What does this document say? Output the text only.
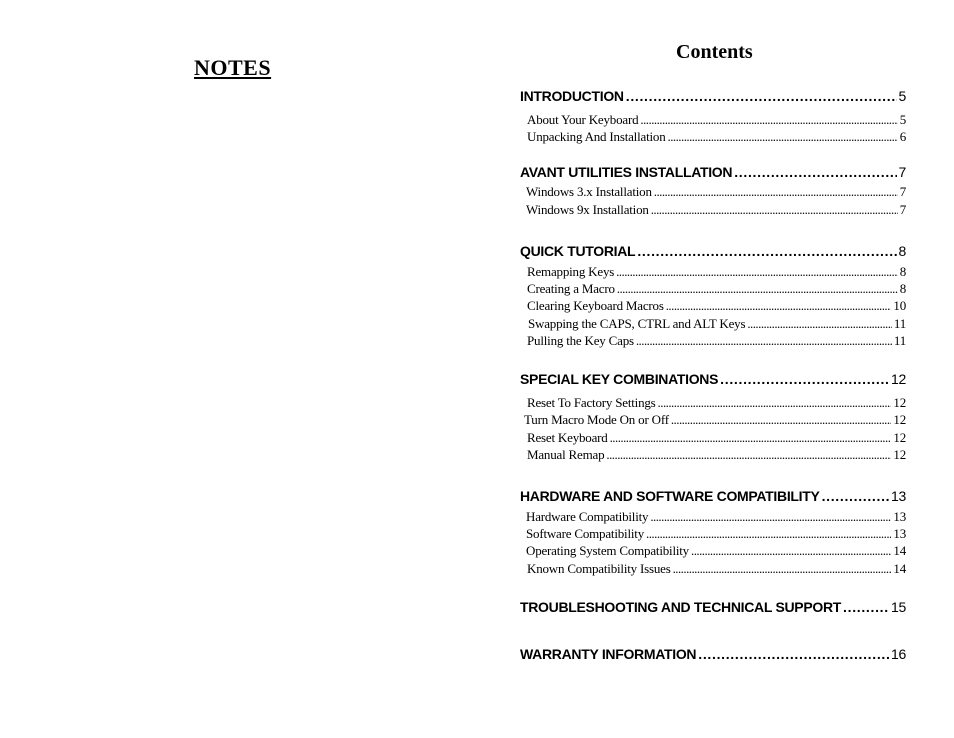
NOTES
Contents
INTRODUCTION . . .	5
About Your Keyboard . . .	5
Unpacking And Installation . . .	6
AVANT UTILITIES INSTALLATION . . .	7
Windows 3.x Installation . . .	7
Windows 9x Installation . . .	7
QUICK TUTORIAL . . .	8
Remapping Keys . . .	8
Creating a Macro . . .	8
Clearing Keyboard Macros . . .	10
Swapping the CAPS, CTRL and ALT Keys . . .	11
Pulling the Key Caps . . .	11
SPECIAL KEY COMBINATIONS . . .	12
Reset To Factory Settings . . .	12
Turn Macro Mode On or Off . . .	12
Reset Keyboard . . .	12
Manual Remap . . .	12
HARDWARE AND SOFTWARE COMPATIBILITY . . .	13
Hardware Compatibility . . .	13
Software Compatibility . . .	13
Operating System Compatibility . . .	14
Known Compatibility Issues . . .	14
TROUBLESHOOTING AND TECHNICAL SUPPORT . . .	15
WARRANTY INFORMATION . . .	16
